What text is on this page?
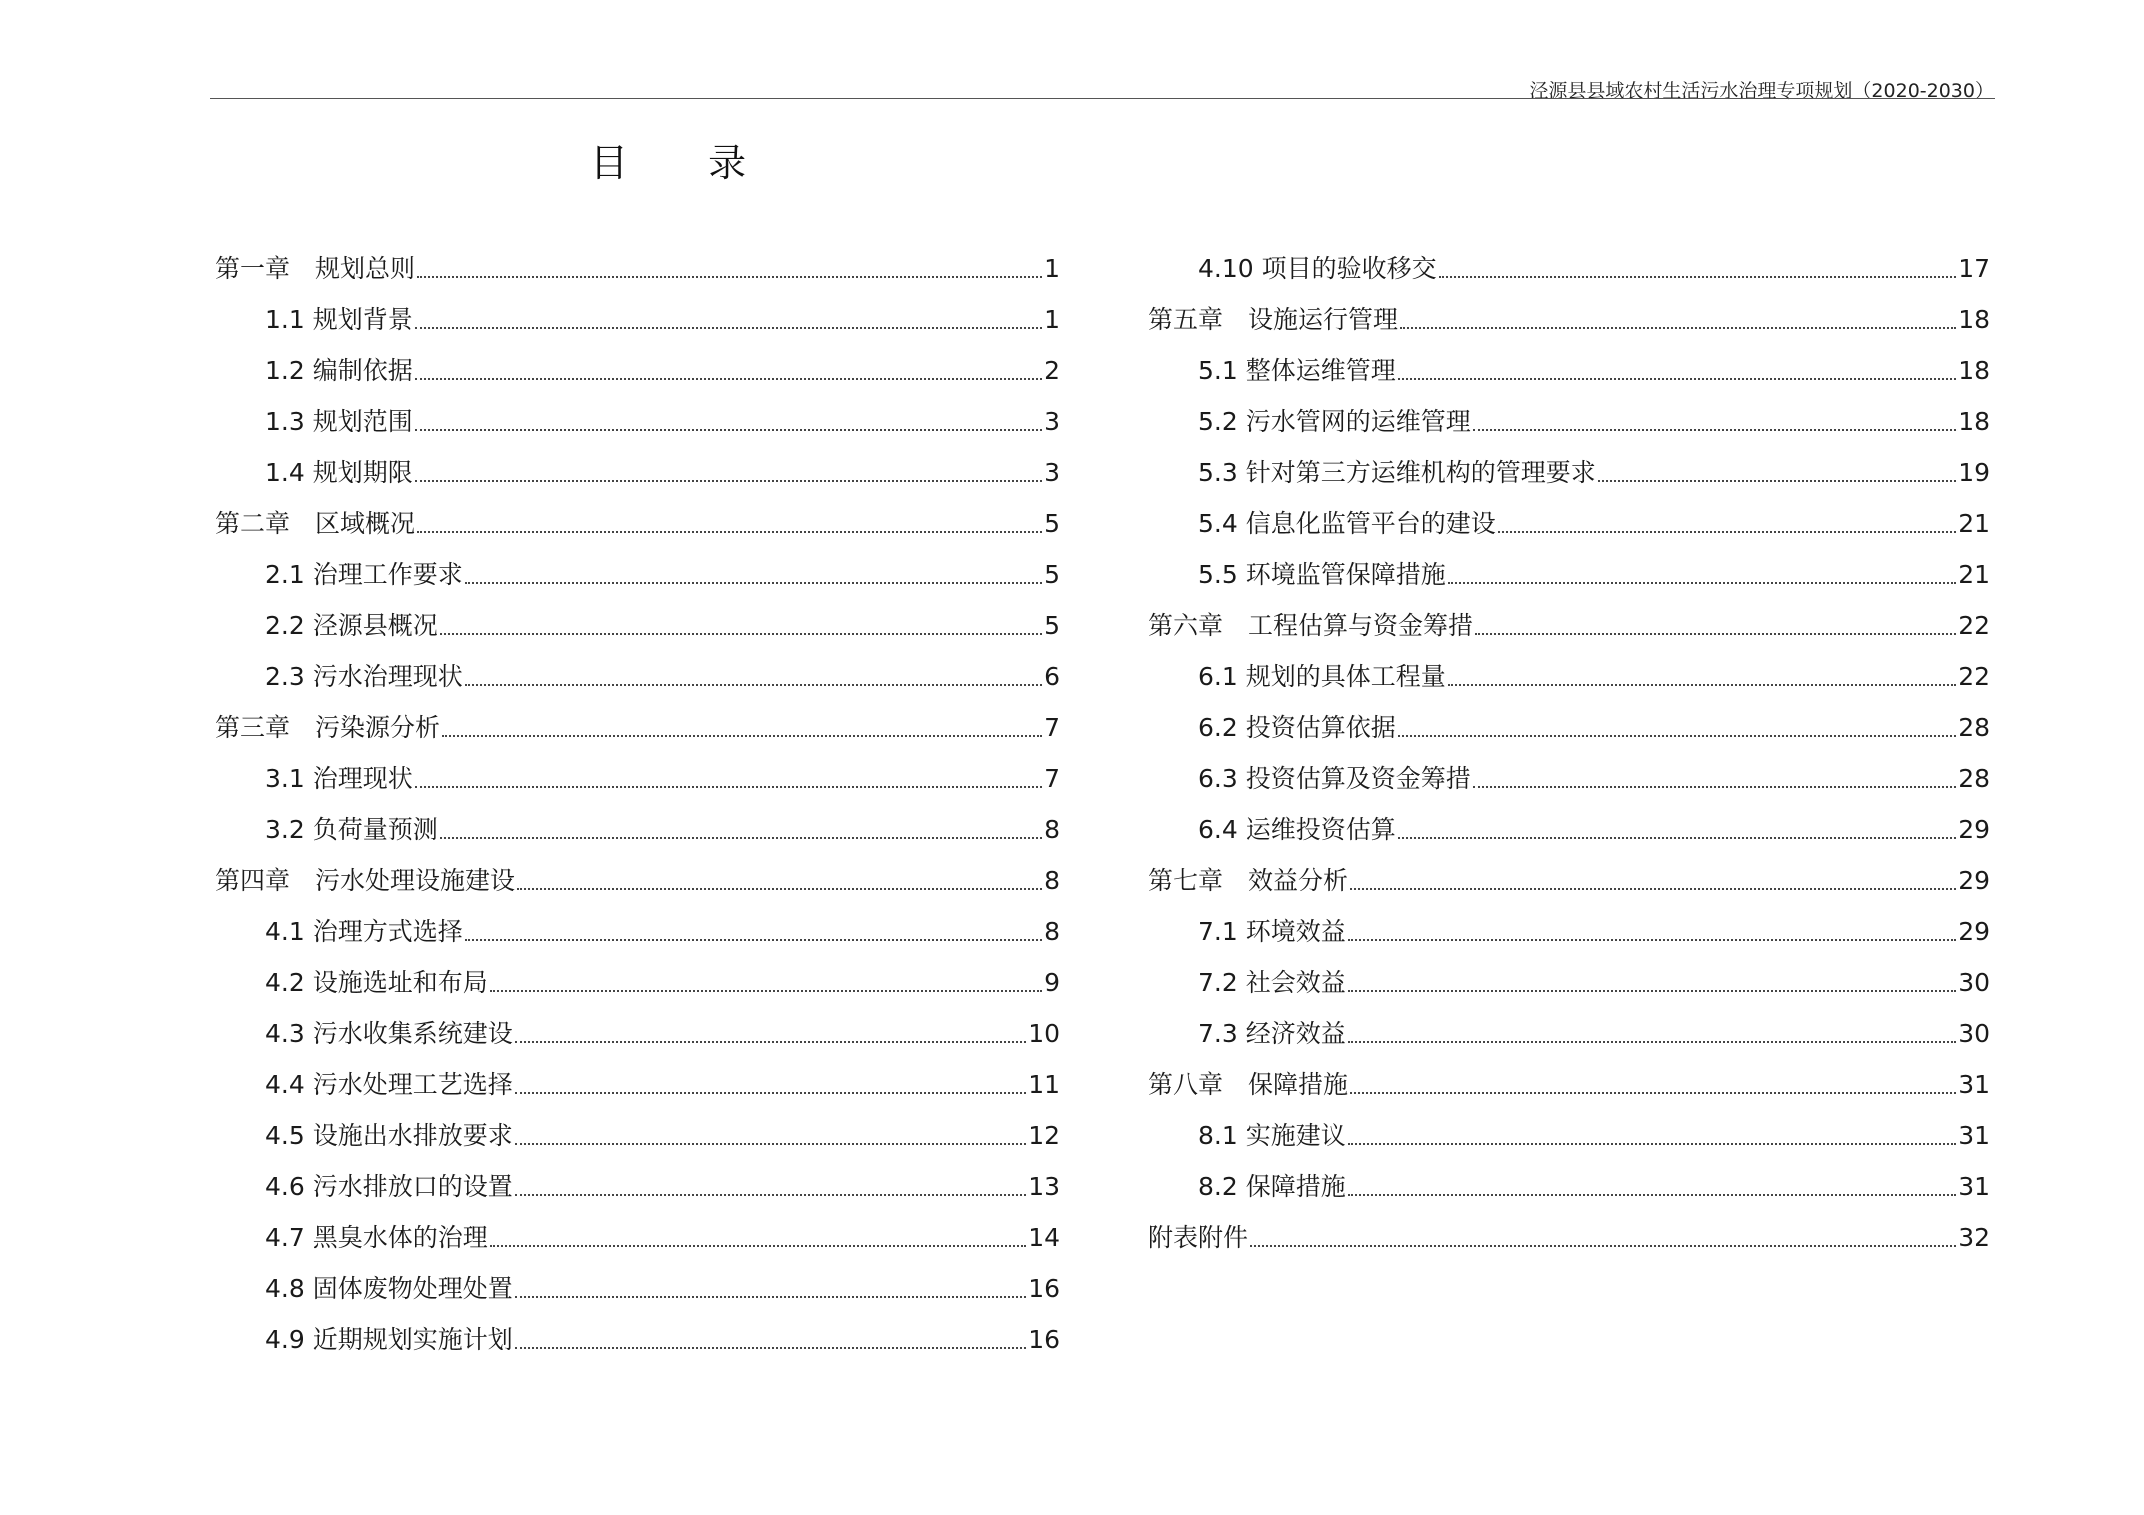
泾源县县域农村生活污水治理专项规划（2020-2030）
目 录
第一章　规划总则	1
1.1 规划背景	1
1.2 编制依据	2
1.3 规划范围	3
1.4 规划期限	3
第二章　区域概况	5
2.1 治理工作要求	5
2.2 泾源县概况	5
2.3 污水治理现状	6
第三章　污染源分析	7
3.1 治理现状	7
3.2 负荷量预测	8
第四章　污水处理设施建设	8
4.1 治理方式选择	8
4.2 设施选址和布局	9
4.3 污水收集系统建设	10
4.4 污水处理工艺选择	11
4.5 设施出水排放要求	12
4.6 污水排放口的设置	13
4.7 黑臭水体的治理	14
4.8 固体废物处理处置	16
4.9 近期规划实施计划	16
4.10 项目的验收移交	17
第五章　设施运行管理	18
5.1 整体运维管理	18
5.2 污水管网的运维管理	18
5.3 针对第三方运维机构的管理要求	19
5.4 信息化监管平台的建设	21
5.5 环境监管保障措施	21
第六章　工程估算与资金筹措	22
6.1 规划的具体工程量	22
6.2 投资估算依据	28
6.3 投资估算及资金筹措	28
6.4 运维投资估算	29
第七章　效益分析	29
7.1 环境效益	29
7.2 社会效益	30
7.3 经济效益	30
第八章　保障措施	31
8.1 实施建议	31
8.2 保障措施	31
附表附件	32
